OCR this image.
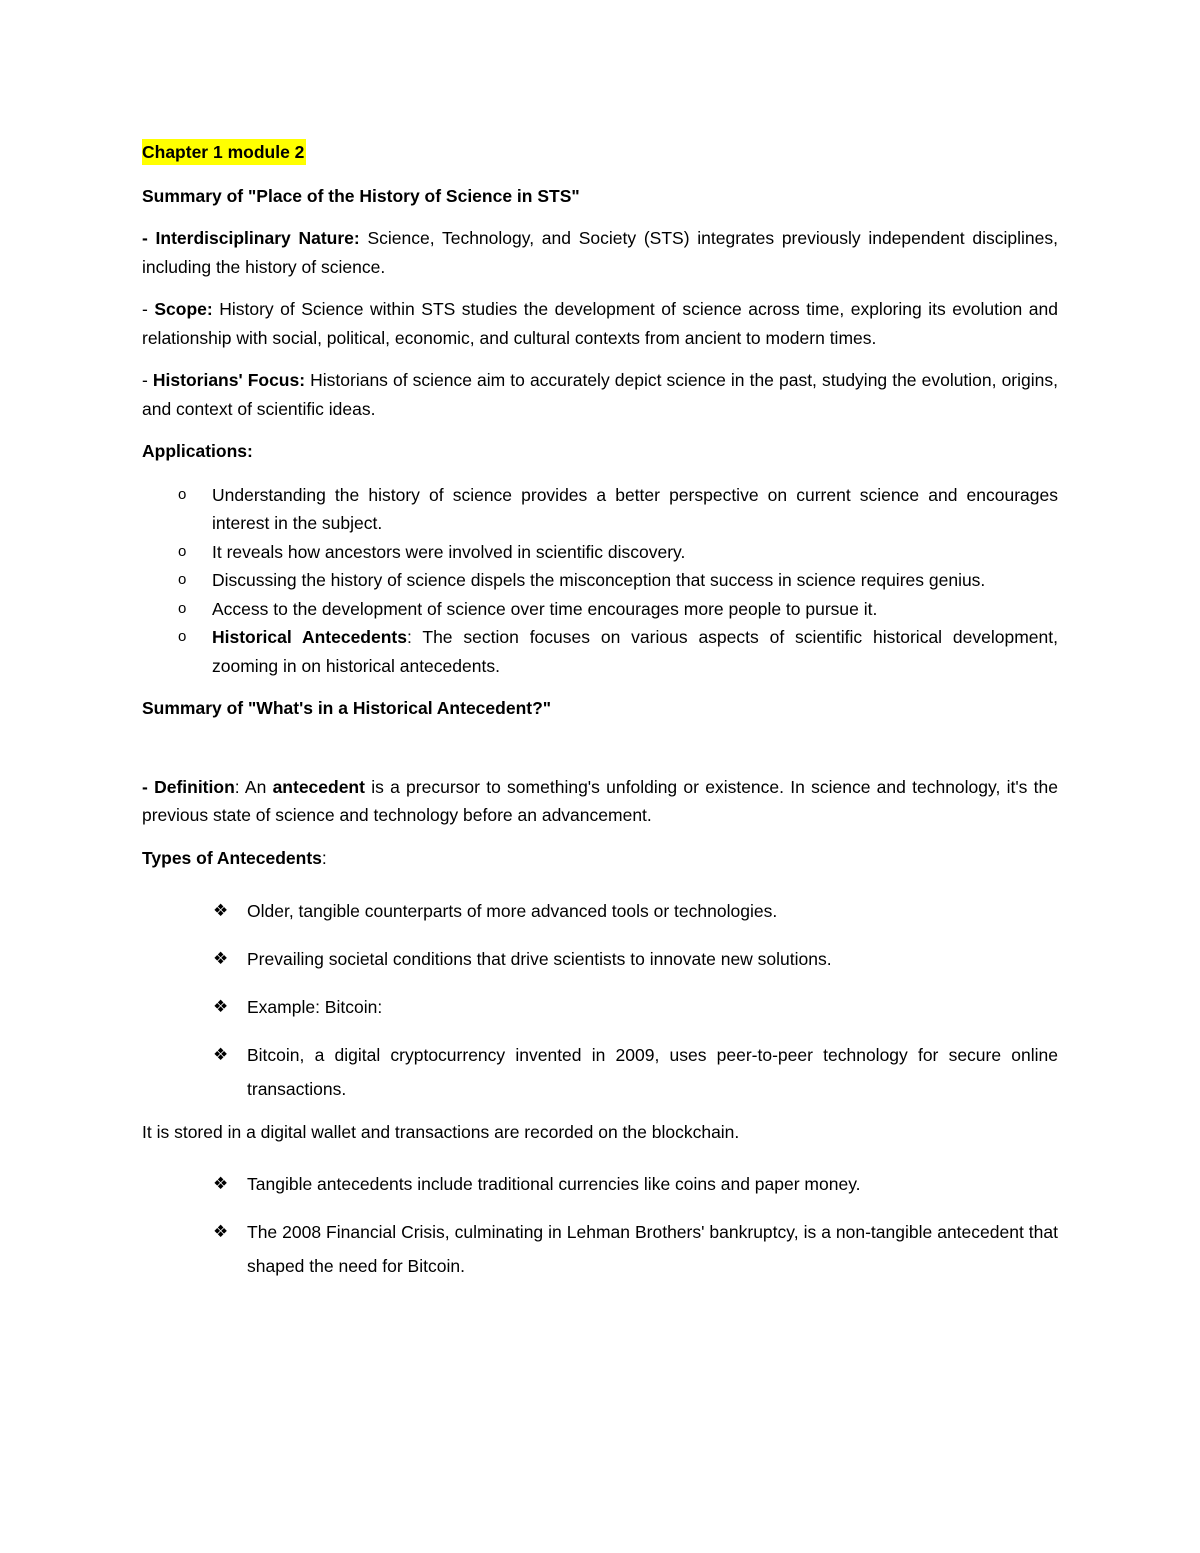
Chapter 1 module 2

Summary of "Place of the History of Science in STS"

- Interdisciplinary Nature: Science, Technology, and Society (STS) integrates previously independent disciplines, including the history of science.

- Scope: History of Science within STS studies the development of science across time, exploring its evolution and relationship with social, political, economic, and cultural contexts from ancient to modern times.

- Historians' Focus: Historians of science aim to accurately depict science in the past, studying the evolution, origins, and context of scientific ideas.

Applications:

o Understanding the history of science provides a better perspective on current science and encourages interest in the subject.
o It reveals how ancestors were involved in scientific discovery.
o Discussing the history of science dispels the misconception that success in science requires genius.
o Access to the development of science over time encourages more people to pursue it.
o Historical Antecedents: The section focuses on various aspects of scientific historical development, zooming in on historical antecedents.

Summary of "What's in a Historical Antecedent?"

- Definition: An antecedent is a precursor to something's unfolding or existence. In science and technology, it's the previous state of science and technology before an advancement.

Types of Antecedents:

❖ Older, tangible counterparts of more advanced tools or technologies.
❖ Prevailing societal conditions that drive scientists to innovate new solutions.
❖ Example: Bitcoin:
❖ Bitcoin, a digital cryptocurrency invented in 2009, uses peer-to-peer technology for secure online transactions.

It is stored in a digital wallet and transactions are recorded on the blockchain.

❖ Tangible antecedents include traditional currencies like coins and paper money.
❖ The 2008 Financial Crisis, culminating in Lehman Brothers' bankruptcy, is a non-tangible antecedent that shaped the need for Bitcoin.
